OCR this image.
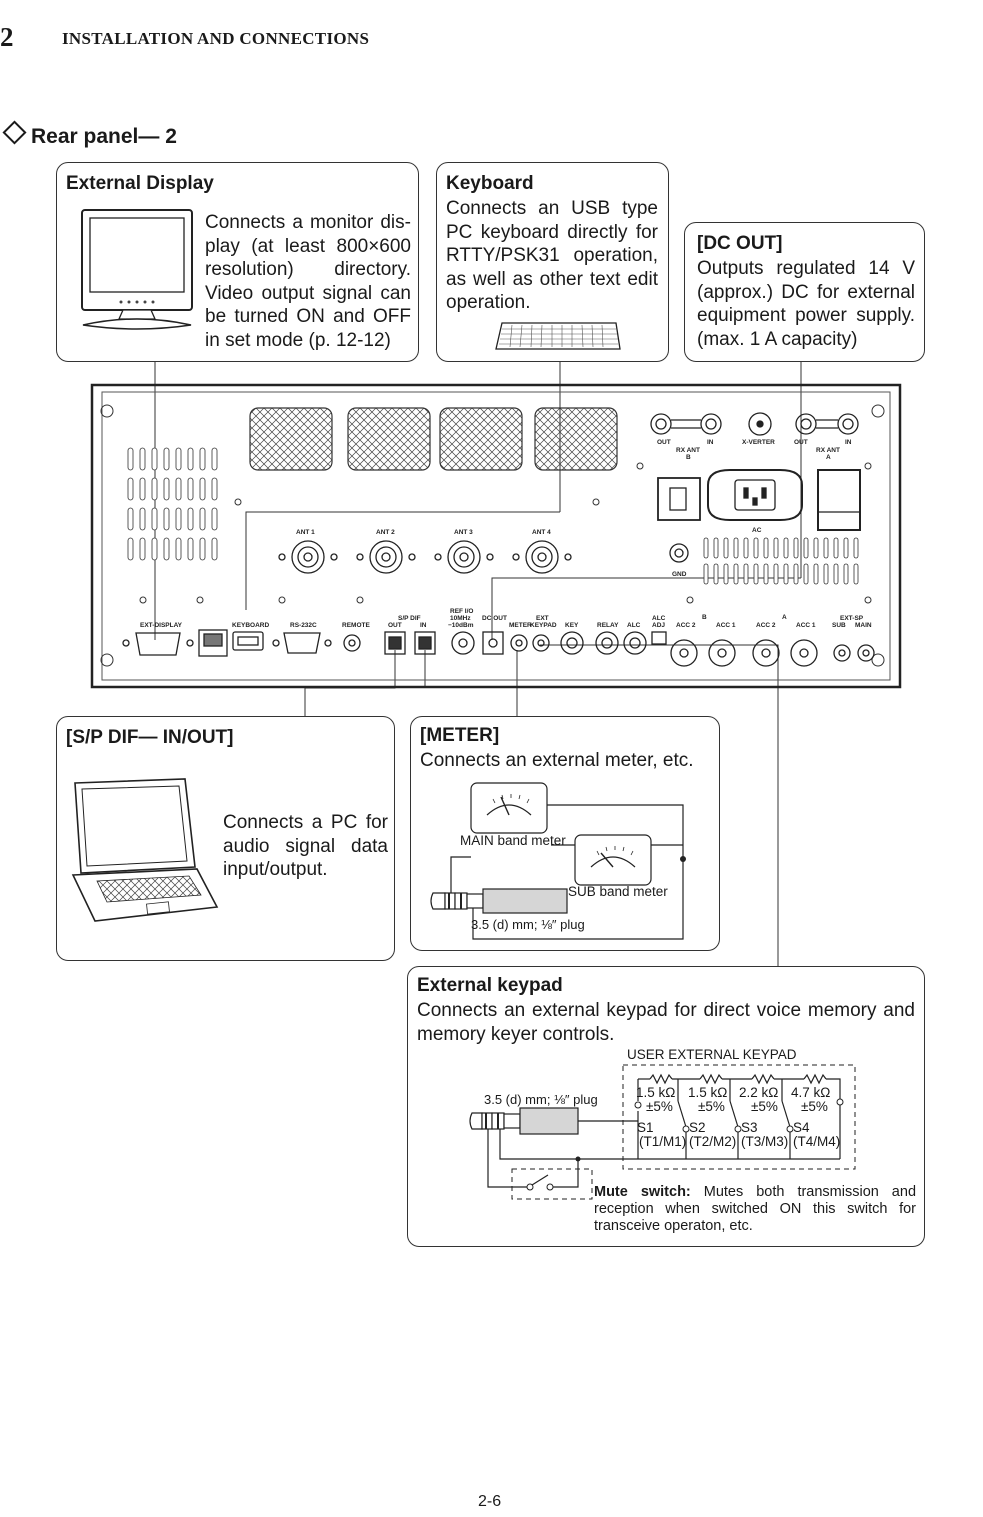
2	INSTALLATION AND CONNECTIONS
Rear panel— 2
OUT	IN
RX ANT
B
X-VERTER	OUT	IN
RX ANT
A
AC
GND
ANT 1	ANT 2	ANT 3	ANT 4
EXT-DISPLAY	KEYBOARD	RS-232C	REMOTE
S/P DIF
OUT	IN
REF I/O
10MHz
−10dBm
DC OUT
METER
EXT
KEYPAD KEY	RELAY ALC
ALC
ADJ ACC 2	ACC 1	ACC 2	ACC 1
B	A	EXT-SP
SUB MAIN
External Display
Connects a monitor dis-play (at least 800×600 resolution) directory. Video output signal can be turned ON and OFF in set mode (p. 12-12)
Keyboard
Connects an USB type PC keyboard directly for RTTY/PSK31 operation, as well as other text edit operation.
[DC OUT]
Outputs regulated 14 V (approx.) DC for external equipment power supply. (max. 1 A capacity)
[S/P DIF— IN/OUT]
Connects a PC for audio signal data input/output.
[METER]
Connects an external meter, etc.
MAIN band meter
SUB band meter
3.5 (d) mm; ⅛″ plug
External keypad
Connects an external keypad for direct voice memory and memory keyer controls.
USER EXTERNAL KEYPAD
3.5 (d) mm; ⅛″ plug	1.5 kΩ
±5%
S1
(T1/M1)
1.5 kΩ
±5%
S2
(T2/M2)
2.2 kΩ
±5%
S3
(T3/M3)
4.7 kΩ
±5%
S4
(T4/M4)
Mute switch: Mutes both transmission and reception when switched ON this switch for transceive operaton, etc.
2-6
